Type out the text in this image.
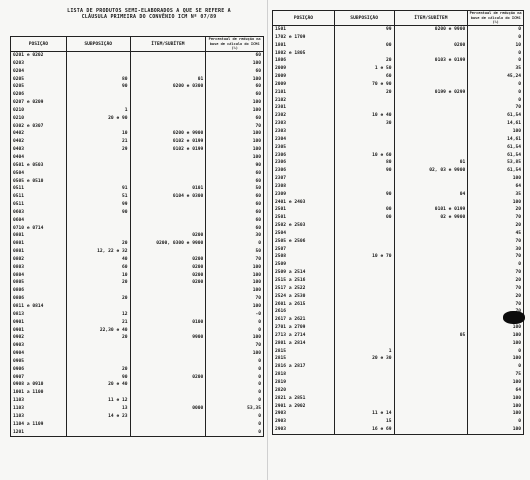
LISTA DE PRODUTOS SEMI-ELABORADOS A QUE SE REFERE A
CLÁUSULA PRIMEIRA DO CONVÊNIO ICM Nº 07/89
POSIÇÃO	SUBPOSIÇÃO	ÍTEM/SUBÍTEM	Percentual de redução na base de cálculo do ICMS (%)
0201 e 0202			60
0203			100
0204			60
0205	80	01	100
0205	90	0200 e 0300	60
0206			60
0207 e 0209			100
0210	1		100
0210	20 e 90		60
0302 e 0307			70
0402	10	0200 e 9900	100
0402	21	0102 e 0199	100
0403	29	0102 e 0199	100
0404			100
0501 e 0503			90
0504			60
0505 e 0510			60
0511	91	0101	50
0511	51	0104 e 0300	60
0511	99		60
0603	90		60
0604			60
0710 e 0714			60
0801		0200	30
0801	20	0200, 0300 e 9900	0
0801	12, 22 e 32		50
0802	40	0200	70
0803	60	0200	100
0804	10	0200	100
0805	20	0200	100
0806			100
0806	20		70
0811 e 0814			100
0813	12		-0
0901	21	0100	0
0901	22,30 e 40		0
0902	20	9900	100
0903			70
0904			100
0905			0
0906	20		0
0907	90	0200	0
0908 a 0910	20 e 40		0
1001 a 1100			0
1103	11 e 12		0
1103	13	0000	53,35
1103	14 e 23		0
1104 a 1109			0
1201			0
POSIÇÃO	SUBPOSIÇÃO	ÍTEM/SUBÍTEM	Percentual de redução na base de cálculo do ICMS (%)
1501	99	0200 e 9900	0
1702 e 1709			0
1801	00	0200	10
1802 e 1805			0
1806	20	0103 e 0199	0
2009	1 e 50		35
2009	60		45,24
2009	70 e 90		0
2101	20	0199 e 0299	0
2102			0
2301			70
2302	10 e 40		61,54
2303	30		14,61
2303			100
2304			14,61
2305			61,54
2306	10 e 60		61,54
2306	80	01	53,85
2306	90	02, 03 e 9900	61,54
2307			100
2308			64
2309	90	04	35
2401 e 2403			100
2501	00	0101 e 0199	20
2501	00	02 e 9900	70
2502 e 2503			20
2504			45
2505 e 2506			70
2507			30
2508	10 e 70		70
2509			0
2509 a 2514			70
2515 a 2516			20
2517 a 2522			70
2524 a 2530			20
2601 a 2615			70
2616			
2617 a 2621			
2701 a 2709			100
2713 a 2714		05	100
2801 a 2814			100
2815	1		0
2815	20 e 30		100
2816 a 2817			0
2818			75
2819			100
2820			64
2821 a 2851			100
2901 a 2902			100
2903	11 e 14		100
2903	15		0
2903	16 e 69		100
